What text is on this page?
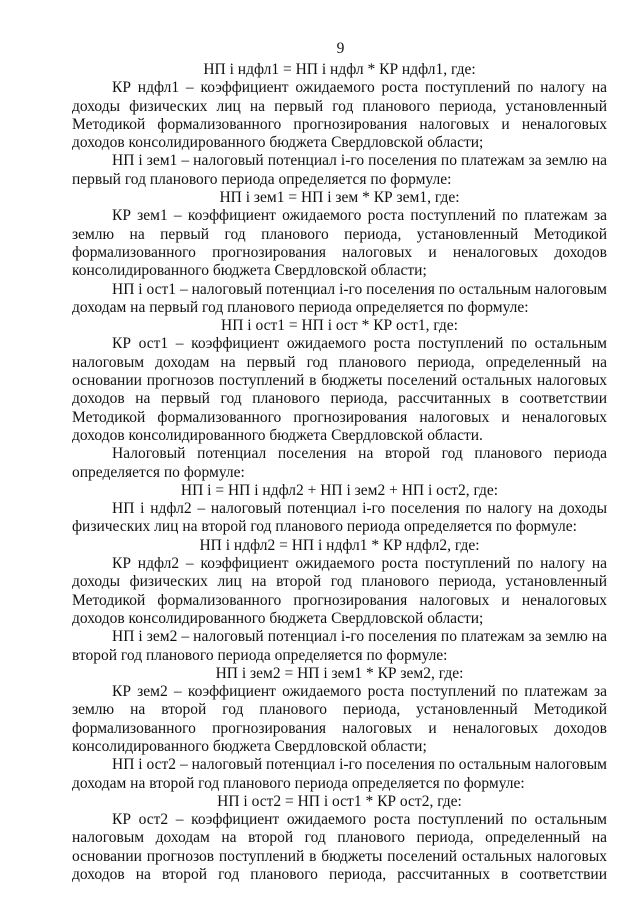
9
НП i ндфл1 = НП i ндфл * КР ндфл1, где:
КР ндфл1 – коэффициент ожидаемого роста поступлений по налогу на доходы физических лиц на первый год планового периода, установленный Методикой формализованного прогнозирования налоговых и неналоговых доходов консолидированного бюджета Свердловской области;
НП i зем1 – налоговый потенциал i-го поселения по платежам за землю на первый год планового периода определяется по формуле:
НП i зем1 = НП i зем * КР зем1, где:
КР зем1 – коэффициент ожидаемого роста поступлений по платежам за землю на первый год планового периода, установленный Методикой формализованного прогнозирования налоговых и неналоговых доходов консолидированного бюджета Свердловской области;
НП i ост1 – налоговый потенциал i-го поселения по остальным налоговым доходам на первый год планового периода определяется по формуле:
НП i ост1 = НП i ост * КР ост1, где:
КР ост1 – коэффициент ожидаемого роста поступлений по остальным налоговым доходам на первый год планового периода, определенный на основании прогнозов поступлений в бюджеты поселений остальных налоговых доходов на первый год планового периода, рассчитанных в соответствии Методикой формализованного прогнозирования налоговых и неналоговых доходов консолидированного бюджета Свердловской области.
Налоговый потенциал поселения на второй год планового периода определяется по формуле:
НП i = НП i ндфл2 + НП i зем2 + НП i ост2, где:
НП i ндфл2 – налоговый потенциал i-го поселения по налогу на доходы физических лиц на второй год планового периода определяется по формуле:
НП i ндфл2 = НП i ндфл1 * КР ндфл2, где:
КР ндфл2 – коэффициент ожидаемого роста поступлений по налогу на доходы физических лиц на второй год планового периода, установленный Методикой формализованного прогнозирования налоговых и неналоговых доходов консолидированного бюджета Свердловской области;
НП i зем2 – налоговый потенциал i-го поселения по платежам за землю на второй год планового периода определяется по формуле:
НП i зем2 = НП i зем1 * КР зем2, где:
КР зем2 – коэффициент ожидаемого роста поступлений по платежам за землю на второй год планового периода, установленный Методикой формализованного прогнозирования налоговых и неналоговых доходов консолидированного бюджета Свердловской области;
НП i ост2 – налоговый потенциал i-го поселения по остальным налоговым доходам на второй год планового периода определяется по формуле:
НП i ост2 = НП i ост1 * КР ост2, где:
КР ост2 – коэффициент ожидаемого роста поступлений по остальным налоговым доходам на второй год планового периода, определенный на основании прогнозов поступлений в бюджеты поселений остальных налоговых доходов на второй год планового периода, рассчитанных в соответствии
